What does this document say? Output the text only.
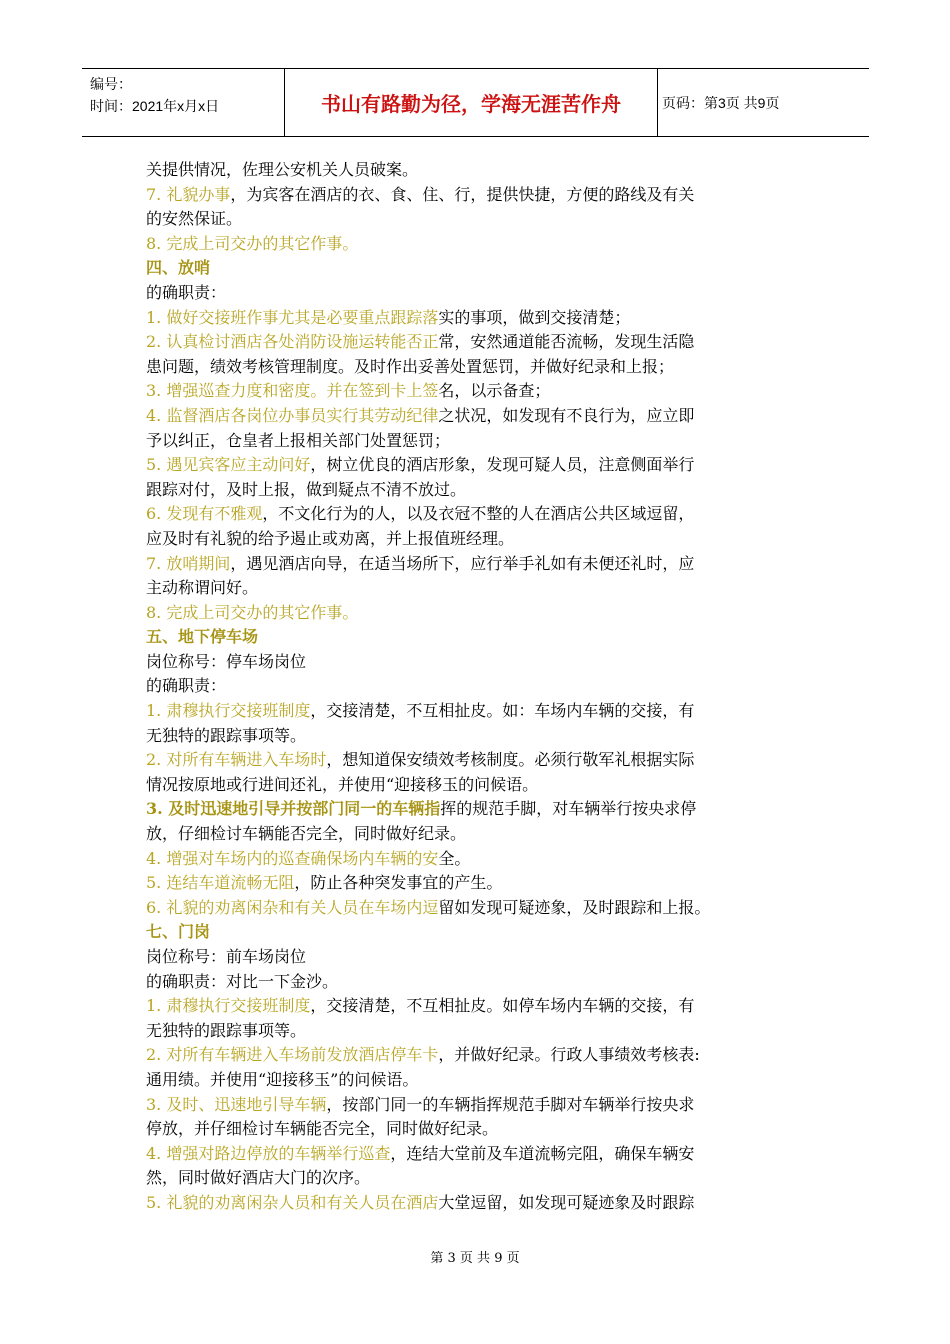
编号：
时间：2021年x月x日	书山有路勤为径，学海无涯苦作舟	页码：第3页 共9页
关提供情况，佐理公安机关人员破案。
7. 礼貌办事，为宾客在酒店的衣、食、住、行，提供快捷，方便的路线及有关
的安然保证。
8. 完成上司交办的其它作事。
四、放哨
的确职责：
1. 做好交接班作事尤其是必要重点跟踪落实的事项，做到交接清楚；
2. 认真检讨酒店各处消防设施运转能否正常，安然通道能否流畅，发现生活隐
患问题，绩效考核管理制度。及时作出妥善处置惩罚，并做好纪录和上报；
3. 增强巡查力度和密度。并在签到卡上签名，以示备查；
4. 监督酒店各岗位办事员实行其劳动纪律之状况，如发现有不良行为，应立即
予以纠正，仓皇者上报相关部门处置惩罚；
5. 遇见宾客应主动问好，树立优良的酒店形象，发现可疑人员，注意侧面举行
跟踪对付，及时上报，做到疑点不清不放过。
6. 发现有不雅观，不文化行为的人，以及衣冠不整的人在酒店公共区域逗留，
应及时有礼貌的给予遏止或劝离，并上报值班经理。
7. 放哨期间，遇见酒店向导，在适当场所下，应行举手礼如有未便还礼时，应
主动称谓问好。
8. 完成上司交办的其它作事。
五、地下停车场
岗位称号：停车场岗位
的确职责：
1. 肃穆执行交接班制度，交接清楚，不互相扯皮。如：车场内车辆的交接，有
无独特的跟踪事项等。
2. 对所有车辆进入车场时，想知道保安绩效考核制度。必须行敬军礼根据实际
情况按原地或行进间还礼，并使用“迎接移玉的问候语。
3. 及时迅速地引导并按部门同一的车辆指挥的规范手脚，对车辆举行按央求停
放，仔细检讨车辆能否完全，同时做好纪录。
4. 增强对车场内的巡查确保场内车辆的安全。
5. 连结车道流畅无阻，防止各种突发事宜的产生。
6. 礼貌的劝离闲杂和有关人员在车场内逗留如发现可疑迹象，及时跟踪和上报。
七、门岗
岗位称号：前车场岗位
的确职责：对比一下金沙。
1. 肃穆执行交接班制度，交接清楚，不互相扯皮。如停车场内车辆的交接，有
无独特的跟踪事项等。
2. 对所有车辆进入车场前发放酒店停车卡，并做好纪录。行政人事绩效考核表:
通用绩。并使用“迎接移玉”的问候语。
3. 及时、迅速地引导车辆，按部门同一的车辆指挥规范手脚对车辆举行按央求
停放，并仔细检讨车辆能否完全，同时做好纪录。
4. 增强对路边停放的车辆举行巡查，连结大堂前及车道流畅完阻，确保车辆安
然，同时做好酒店大门的次序。
5. 礼貌的劝离闲杂人员和有关人员在酒店大堂逗留，如发现可疑迹象及时跟踪
第 3 页 共 9 页
